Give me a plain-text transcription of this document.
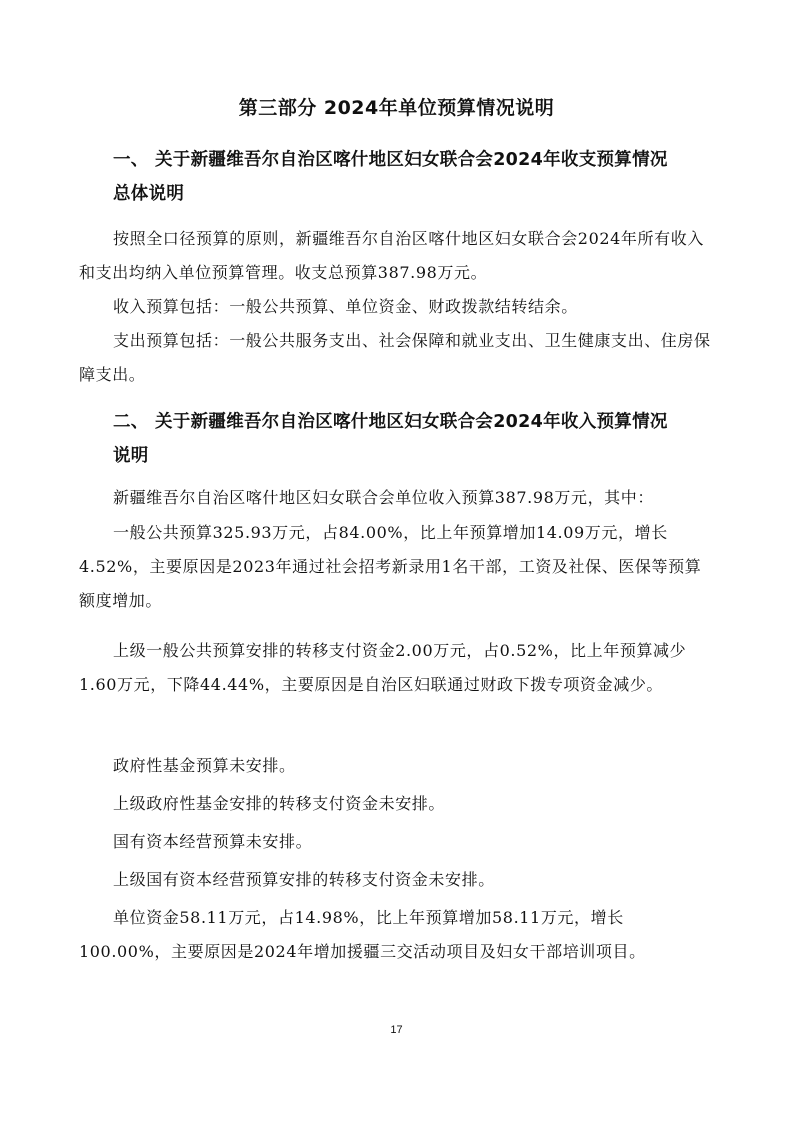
第三部分 2024年单位预算情况说明
一、 关于新疆维吾尔自治区喀什地区妇女联合会2024年收支预算情况
总体说明
按照全口径预算的原则，新疆维吾尔自治区喀什地区妇女联合会2024年所有收入和支出均纳入单位预算管理。收支总预算387.98万元。
收入预算包括：一般公共预算、单位资金、财政拨款结转结余。
支出预算包括：一般公共服务支出、社会保障和就业支出、卫生健康支出、住房保障支出。
二、 关于新疆维吾尔自治区喀什地区妇女联合会2024年收入预算情况
说明
新疆维吾尔自治区喀什地区妇女联合会单位收入预算387.98万元，其中：
一般公共预算325.93万元，占84.00%，比上年预算增加14.09万元，增长4.52%，主要原因是2023年通过社会招考新录用1名干部，工资及社保、医保等预算额度增加。
上级一般公共预算安排的转移支付资金2.00万元，占0.52%，比上年预算减少1.60万元，下降44.44%，主要原因是自治区妇联通过财政下拨专项资金减少。
政府性基金预算未安排。
上级政府性基金安排的转移支付资金未安排。
国有资本经营预算未安排。
上级国有资本经营预算安排的转移支付资金未安排。
单位资金58.11万元，占14.98%，比上年预算增加58.11万元，增长100.00%，主要原因是2024年增加援疆三交活动项目及妇女干部培训项目。
17
